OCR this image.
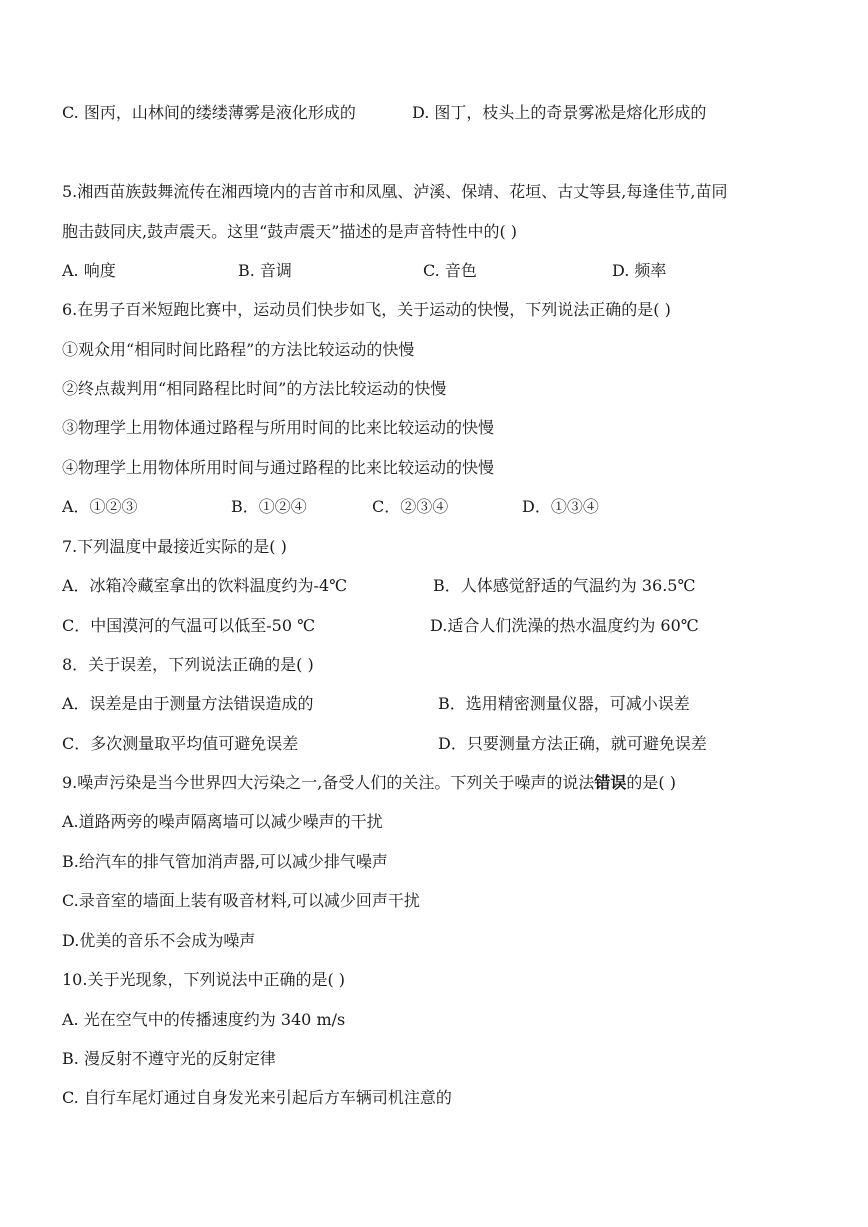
C. 图丙，山林间的缕缕薄雾是液化形成的	D. 图丁，枝头上的奇景雾凇是熔化形成的
5.湘西苗族鼓舞流传在湘西境内的吉首市和凤凰、泸溪、保靖、花垣、古丈等县,每逢佳节,苗同
胞击鼓同庆,鼓声震天。这里“鼓声震天”描述的是声音特性中的( )
A. 响度	B. 音调	C. 音色	D. 频率
6.在男子百米短跑比赛中，运动员们快步如飞，关于运动的快慢，下列说法正确的是( )
①观众用“相同时间比路程”的方法比较运动的快慢
②终点裁判用“相同路程比时间”的方法比较运动的快慢
③物理学上用物体通过路程与所用时间的比来比较运动的快慢
④物理学上用物体所用时间与通过路程的比来比较运动的快慢
A．①②③	B．①②④	C．②③④	D．①③④
7.下列温度中最接近实际的是( )
A．冰箱冷藏室拿出的饮料温度约为-4℃	B．人体感觉舒适的气温约为 36.5℃
C．中国漠河的气温可以低至-50 ℃	D.适合人们洗澡的热水温度约为 60℃
8．关于误差，下列说法正确的是( )
A．误差是由于测量方法错误造成的	B．选用精密测量仪器，可减小误差
C．多次测量取平均值可避免误差	D．只要测量方法正确，就可避免误差
9.噪声污染是当今世界四大污染之一,备受人们的关注。下列关于噪声的说法错误的是( )
A.道路两旁的噪声隔离墙可以减少噪声的干扰
B.给汽车的排气管加消声器,可以减少排气噪声
C.录音室的墙面上装有吸音材料,可以减少回声干扰
D.优美的音乐不会成为噪声
10.关于光现象，下列说法中正确的是( )
A. 光在空气中的传播速度约为 340 m/s
B. 漫反射不遵守光的反射定律
C. 自行车尾灯通过自身发光来引起后方车辆司机注意的
